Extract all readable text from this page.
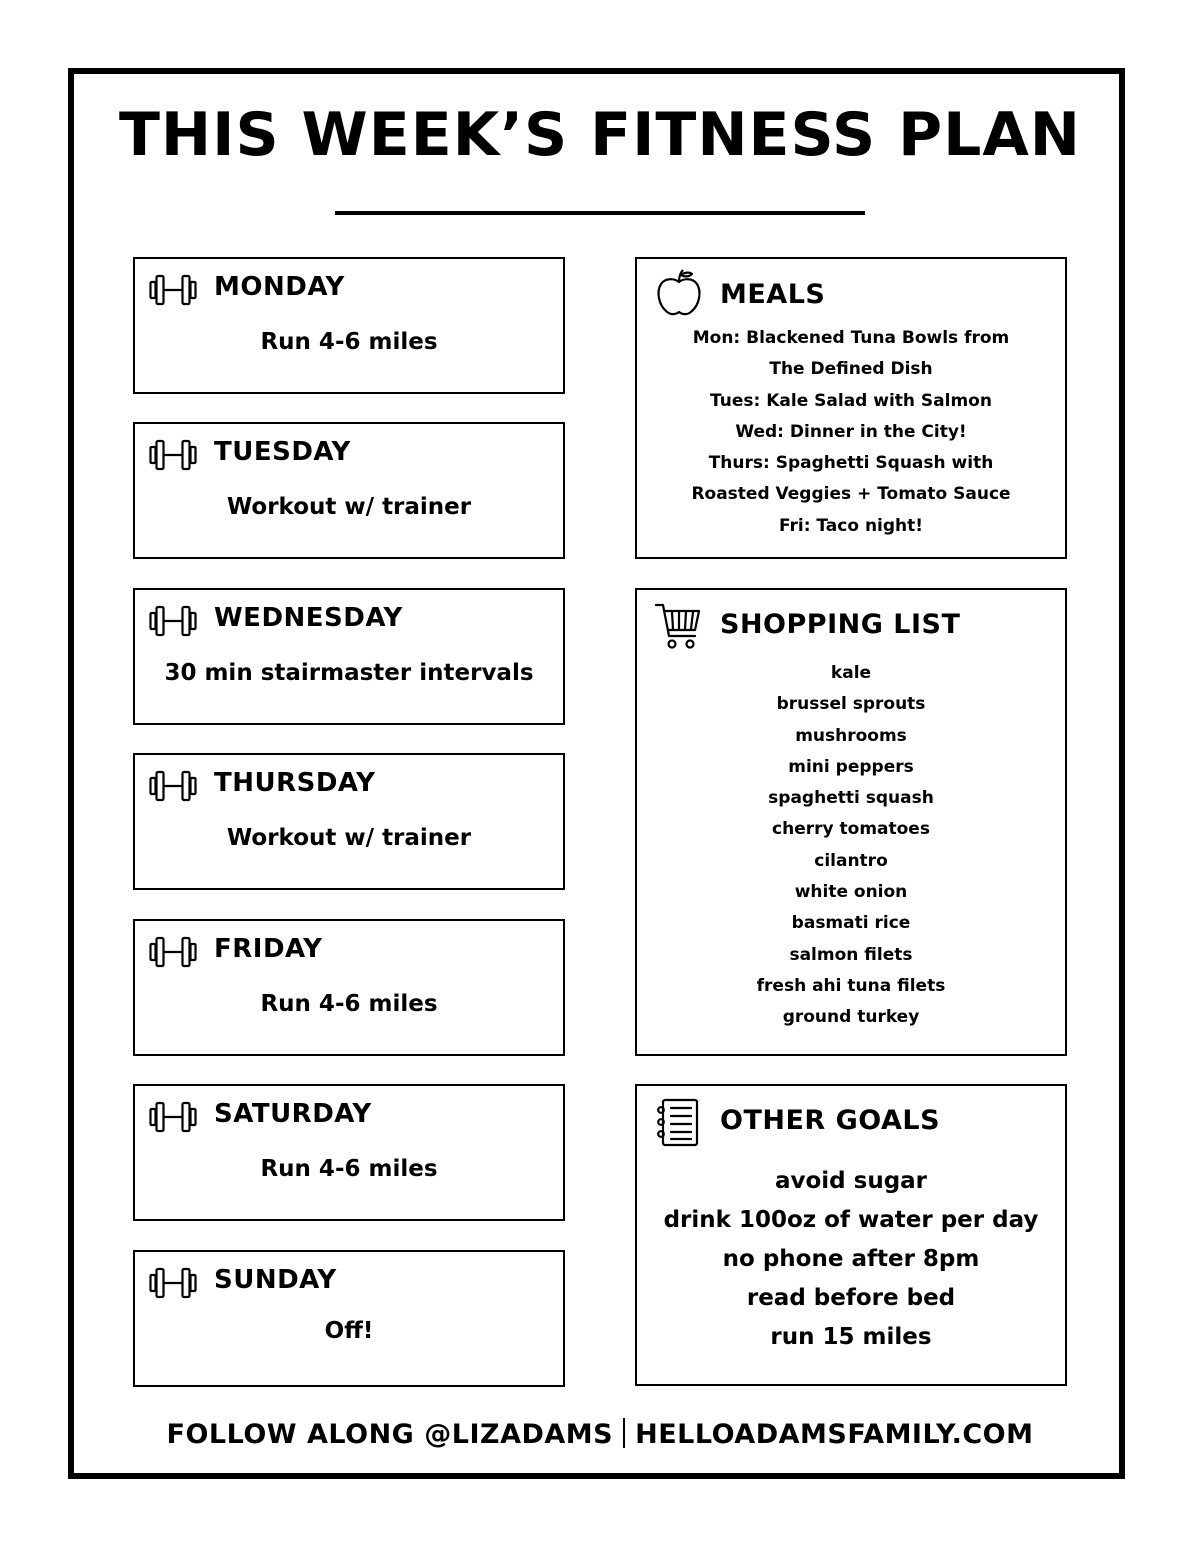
THIS WEEK’S FITNESS PLAN
MONDAY
Run 4-6 miles
TUESDAY
Workout w/ trainer
WEDNESDAY
30 min stairmaster intervals
THURSDAY
Workout w/ trainer
FRIDAY
Run 4-6 miles
SATURDAY
Run 4-6 miles
SUNDAY
Off!
MEALS
Mon: Blackened Tuna Bowls from
The Defined Dish
Tues: Kale Salad with Salmon
Wed: Dinner in the City!
Thurs: Spaghetti Squash with
Roasted Veggies + Tomato Sauce
Fri: Taco night!
SHOPPING LIST
kale
brussel sprouts
mushrooms
mini peppers
spaghetti squash
cherry tomatoes
cilantro
white onion
basmati rice
salmon filets
fresh ahi tuna filets
ground turkey
OTHER GOALS
avoid sugar
drink 100oz of water per day
no phone after 8pm
read before bed
run 15 miles
FOLLOW ALONG @LIZADAMS HELLOADAMSFAMILY.COM
